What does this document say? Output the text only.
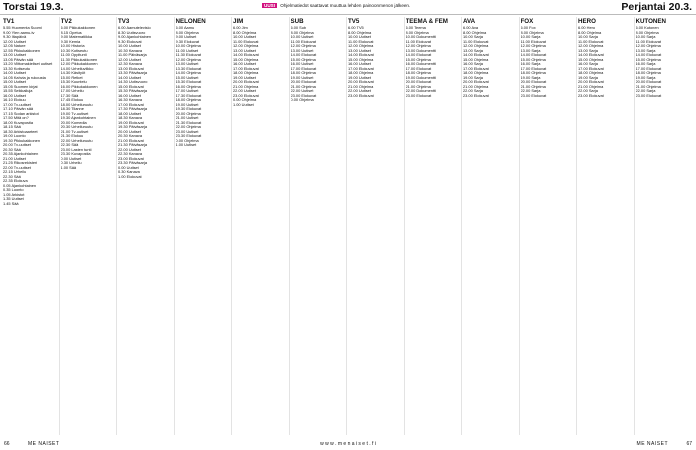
Torstai 19.3.	UUSI Ohjelmatiedot saattavat muuttua lehden painoonmenon jälkeen.	Perjantai 20.3.
TV1
5.55 Huomenta Suomi
9.00 Ylen aamu-tv
9.30 Iltapäivä
12.00 Uutiset
12.05 Nature
12.55 Pikkukakkonen
13.00 Uutiset
13.05 Päivän sää
13.20 Viittomakieliset uutiset
13.30 Kotiseutu
14.00 Uutiset
14.05 Kahvia ja rukousta
15.00 Uutiset
15.05 Suomen kirjat
15.55 Seikkailuja
16.00 Uutiset
16.10 Elokuu
17.00 Tv-uutiset
17.10 Päivän sää
17.15 Sodan arkistot
17.50 Mitä on?
18.00 Kuvapostia
18.15 Sää
18.30 Arkistoaarteet
19.00 Luonto
19.30 Pikkukakkonen
20.00 Tv-uutiset
20.30 Sää
20.35 Ajankohtainen
21.00 Uutiset
21.25 Rikosrekisteri
22.00 Tv-uutiset
22.15 Urheilu
22.30 Sää
22.35 Elokuva
0.05 Ajankohtainen
0.35 Luonto
1.05 Arkistot
1.35 Uutiset
1.45 Sää
TV2
6.00 Pikkukakkonen
8.15 Opetus
9.00 Matematiikka
9.30 Kemia
10.00 Historia
10.30 Kotiseutu
11.00 Oppitunti
11.30 Pikkukakkonen
12.00 Pikkukakkonen
14.00 Urheiluviikko
14.30 Käsityöt
15.00 Retket
15.30 Kuuntelu
16.00 Pikkukakkonen
17.00 Urheilu
17.30 Sää
17.45 Elokuu
18.00 Urheiluruutu
18.30 Tilanne
19.00 Tv-uutiset
19.30 Ajankohtainen
20.00 Komedia
20.30 Urheiluruutu
21.00 Tv-uutiset
21.30 Elokuu
22.00 Urheiluruutu
22.30 Sää
23.00 Lasten tunti
23.30 Kuvapostia
0.00 Uutiset
0.30 Urheilu
1.00 Sää
TV3
6.00 Aamutelevisio
8.30 Uutisvuoro
9.00 Ajankohtainen
9.30 Elokuvat
10.00 Uutiset
10.30 Kanava
11.00 Päiväsarja
12.00 Uutiset
12.30 Kanava
13.00 Elokuvat
13.30 Päiväsarja
14.00 Uutiset
14.30 Uutisvuoro
15.00 Elokuvat
15.30 Päiväsarja
16.00 Uutiset
16.30 Kanava
17.00 Elokuvat
17.30 Päiväsarja
18.00 Uutiset
18.30 Kanava
19.00 Elokuvat
19.30 Päiväsarja
20.00 Uutiset
20.30 Kanava
21.00 Elokuvat
21.30 Päiväsarja
22.00 Uutiset
22.30 Kanava
23.00 Elokuvat
23.30 Päiväsarja
0.00 Uutiset
0.30 Kanava
1.00 Elokuvat
NELONEN
6.00 Aamu
8.00 Ohjelma
9.00 Uutiset
9.30 Elokuvat
10.00 Ohjelma
11.00 Uutiset
11.30 Elokuvat
12.00 Ohjelma
13.00 Uutiset
13.30 Elokuvat
14.00 Ohjelma
15.00 Uutiset
15.30 Elokuvat
16.00 Ohjelma
17.00 Uutiset
17.30 Elokuvat
18.00 Ohjelma
19.00 Uutiset
19.30 Elokuvat
20.00 Ohjelma
21.00 Uutiset
21.30 Elokuvat
22.00 Ohjelma
23.00 Uutiset
23.30 Elokuvat
0.00 Ohjelma
1.00 Uutiset
JIM
6.00 Jim
8.00 Ohjelma
10.00 Uutiset
11.00 Elokuvat
12.00 Ohjelma
13.00 Uutiset
14.00 Elokuvat
15.00 Ohjelma
16.00 Uutiset
17.00 Elokuvat
18.00 Ohjelma
19.00 Uutiset
20.00 Elokuvat
21.00 Ohjelma
22.00 Uutiset
23.00 Elokuvat
0.00 Ohjelma
1.00 Uutiset
SUB
6.00 Sub
8.00 Ohjelma
10.00 Uutiset
11.00 Elokuvat
12.00 Ohjelma
13.00 Uutiset
14.00 Elokuvat
15.00 Ohjelma
16.00 Uutiset
17.00 Elokuvat
18.00 Ohjelma
19.00 Uutiset
20.00 Elokuvat
21.00 Ohjelma
22.00 Uutiset
23.00 Elokuvat
0.00 Ohjelma
TV5
6.00 TV5
8.00 Ohjelma
10.00 Uutiset
11.00 Elokuvat
12.00 Ohjelma
13.00 Uutiset
14.00 Elokuvat
15.00 Ohjelma
16.00 Uutiset
17.00 Elokuvat
18.00 Ohjelma
19.00 Uutiset
20.00 Elokuvat
21.00 Ohjelma
22.00 Uutiset
23.00 Elokuvat
TEEMA & FEM
6.00 Teema
8.00 Ohjelma
10.00 Dokumentti
11.00 Elokuvat
12.00 Ohjelma
13.00 Dokumentti
14.00 Elokuvat
15.00 Ohjelma
16.00 Dokumentti
17.00 Elokuvat
18.00 Ohjelma
19.00 Dokumentti
20.00 Elokuvat
21.00 Ohjelma
22.00 Dokumentti
23.00 Elokuvat
AVA
6.00 Ava
8.00 Ohjelma
10.00 Sarja
11.00 Elokuvat
12.00 Ohjelma
13.00 Sarja
14.00 Elokuvat
15.00 Ohjelma
16.00 Sarja
17.00 Elokuvat
18.00 Ohjelma
19.00 Sarja
20.00 Elokuvat
21.00 Ohjelma
22.00 Sarja
23.00 Elokuvat
FOX
6.00 Fox
8.00 Ohjelma
10.00 Sarja
11.00 Elokuvat
12.00 Ohjelma
13.00 Sarja
14.00 Elokuvat
15.00 Ohjelma
16.00 Sarja
17.00 Elokuvat
18.00 Ohjelma
19.00 Sarja
20.00 Elokuvat
21.00 Ohjelma
22.00 Sarja
23.00 Elokuvat
HERO
6.00 Hero
8.00 Ohjelma
10.00 Sarja
11.00 Elokuvat
12.00 Ohjelma
13.00 Sarja
14.00 Elokuvat
15.00 Ohjelma
16.00 Sarja
17.00 Elokuvat
18.00 Ohjelma
19.00 Sarja
20.00 Elokuvat
21.00 Ohjelma
22.00 Sarja
23.00 Elokuvat
KUTONEN
6.00 Kutonen
8.00 Ohjelma
10.00 Sarja
11.00 Elokuvat
12.00 Ohjelma
13.00 Sarja
14.00 Elokuvat
15.00 Ohjelma
16.00 Sarja
17.00 Elokuvat
18.00 Ohjelma
19.00 Sarja
20.00 Elokuvat
21.00 Ohjelma
22.00 Sarja
23.00 Elokuvat
66	ME NAISET	w w w . m e n a i s e t . f i	ME NAISET	67
